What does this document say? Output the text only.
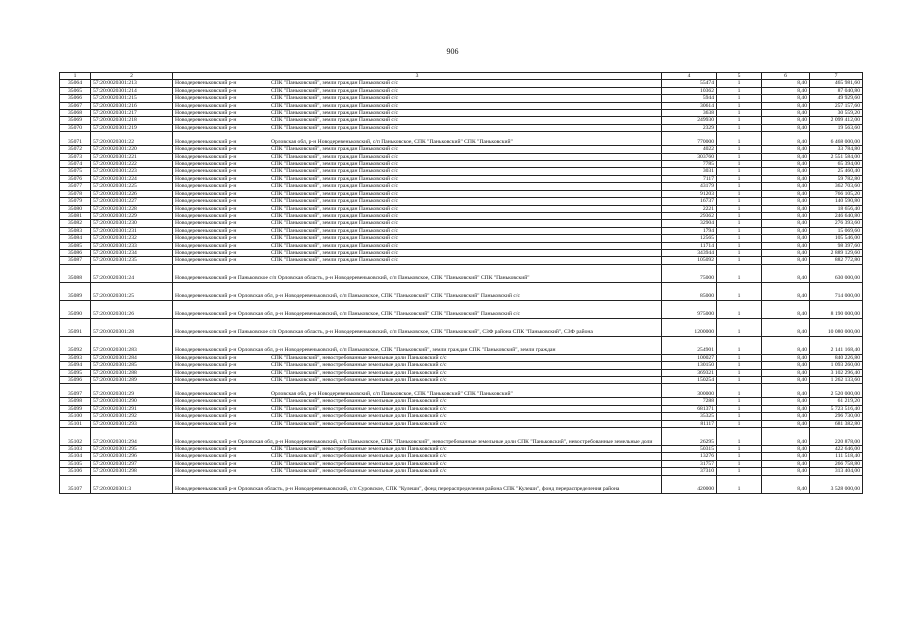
906
1	2	3	4	5	6	7
35064	57:20:0020301:213	Новодеревеньковский р-н СПК "Паньковский", земли граждан Паньковский с/с	55474	1	8,40	465 981,60
35065	57:20:0020301:214	Новодеревеньковский р-н СПК "Паньковский", земли граждан Паньковский с/с	10362	1	8,40	87 040,80
35066	57:20:0020301:215	Новодеревеньковский р-н СПК "Паньковский", земли граждан Паньковский с/с	5944	1	8,40	49 929,60
35067	57:20:0020301:216	Новодеревеньковский р-н СПК "Паньковский", земли граждан Паньковский с/с	30614	1	8,40	257 157,60
35068	57:20:0020301:217	Новодеревеньковский р-н СПК "Паньковский", земли граждан Паньковский с/с	3638	1	8,40	30 559,20
35069	57:20:0020301:218	Новодеревеньковский р-н СПК "Паньковский", земли граждан Паньковский с/с	249930	1	8,40	2 099 412,00
35070	57:20:0020301:219	Новодеревеньковский р-н СПК "Паньковский", земли граждан Паньковский с/с	2329	1	8,40	19 563,60
35071	57:20:0020301:22	Новодеревеньковский р-н Орловская обл, р-н Новодеревеньковский, с/п Паньковское, СПК "Паньковский" СПК "Паньковский"	770000	1	8,40	6 468 000,00
35072	57:20:0020301:220	Новодеревеньковский р-н СПК "Паньковский", земли граждан Паньковский с/с	4022	1	8,40	33 784,80
35073	57:20:0020301:221	Новодеревеньковский р-н СПК "Паньковский", земли граждан Паньковский с/с	303760	1	8,40	2 551 584,00
35074	57:20:0020301:222	Новодеревеньковский р-н СПК "Паньковский", земли граждан Паньковский с/с	7785	1	8,40	65 394,00
35075	57:20:0020301:223	Новодеревеньковский р-н СПК "Паньковский", земли граждан Паньковский с/с	3031	1	8,40	25 460,40
35076	57:20:0020301:224	Новодеревеньковский р-н СПК "Паньковский", земли граждан Паньковский с/с	7117	1	8,40	59 782,80
35077	57:20:0020301:225	Новодеревеньковский р-н СПК "Паньковский", земли граждан Паньковский с/с	43179	1	8,40	362 703,60
35078	57:20:0020301:226	Новодеревеньковский р-н СПК "Паньковский", земли граждан Паньковский с/с	91203	1	8,40	766 105,20
35079	57:20:0020301:227	Новодеревеньковский р-н СПК "Паньковский", земли граждан Паньковский с/с	16737	1	8,40	140 590,80
35080	57:20:0020301:228	Новодеревеньковский р-н СПК "Паньковский", земли граждан Паньковский с/с	2221	1	8,40	18 656,40
35081	57:20:0020301:229	Новодеревеньковский р-н СПК "Паньковский", земли граждан Паньковский с/с	29362	1	8,40	246 640,80
35082	57:20:0020301:230	Новодеревеньковский р-н СПК "Паньковский", земли граждан Паньковский с/с	32904	1	8,40	276 393,60
35083	57:20:0020301:231	Новодеревеньковский р-н СПК "Паньковский", земли граждан Паньковский с/с	1794	1	8,40	15 069,60
35084	57:20:0020301:232	Новодеревеньковский р-н СПК "Паньковский", земли граждан Паньковский с/с	12565	1	8,40	105 546,00
35085	57:20:0020301:233	Новодеревеньковский р-н СПК "Паньковский", земли граждан Паньковский с/с	11714	1	8,40	98 397,60
35086	57:20:0020301:234	Новодеревеньковский р-н СПК "Паньковский", земли граждан Паньковский с/с	343944	1	8,40	2 889 129,60
35087	57:20:0020301:235	Новодеревеньковский р-н СПК "Паньковский", земли граждан Паньковский с/с	105092	1	8,40	882 772,80
35088	57:20:0020301:24	Новодеревеньковский р-н Паньковское с/п Орловская область, р-н Новодеревеньковский, с/п Паньковское, СПК "Паньковский" СПК "Паньковский"	75000	1	8,40	630 000,00
35089	57:20:0020301:25	Новодеревеньковский р-н Орловская обл, р-н Новодеревеньковский, с/п Паньковское, СПК "Паньковский" СПК "Паньковский" Паньковский с/с	85000	1	8,40	714 000,00
35090	57:20:0020301:26	Новодеревеньковский р-н Орловская обл, р-н Новодеревеньковский, с/п Паньковское, СПК "Паньковский" СПК "Паньковский" Паньковский с/с	975000	1	8,40	8 190 000,00
35091	57:20:0020301:28	Новодеревеньковский р-н Паньковское с/п Орловская область, р-н Новодеревеньковский, с/п Паньковское, СПК "Паньковский", СЗФ района СПК "Паньковский", СЗФ района	1200000	1	8,40	10 080 000,00
35092	57:20:0020301:283	Новодеревеньковский р-н Орловская обл, р-н Новодеревеньковский, с/п Паньковское, СПК "Паньковский", земли граждан СПК "Паньковский", земли граждан	254901	1	8,40	2 141 168,40
35093	57:20:0020301:284	Новодеревеньковский р-н СПК "Паньковский", невостребованные земельные доли Паньковский с/с	100027	1	8,40	840 226,80
35094	57:20:0020301:285	Новодеревеньковский р-н СПК "Паньковский", невостребованные земельные доли Паньковский с/с	130150	1	8,40	1 093 260,00
35095	57:20:0020301:288	Новодеревеньковский р-н СПК "Паньковский", невостребованные земельные доли Паньковский с/с	369321	1	8,40	3 102 296,40
35096	57:20:0020301:289	Новодеревеньковский р-н СПК "Паньковский", невостребованные земельные доли Паньковский с/с	150254	1	8,40	1 262 133,60
35097	57:20:0020301:29	Новодеревеньковский р-н Орловская обл, р-н Новодеревеньковский, с/п Паньковское, СПК "Паньковский" СПК "Паньковский"	300000	1	8,40	2 520 000,00
35098	57:20:0020301:290	Новодеревеньковский р-н СПК "Паньковский", невостребованные земельные доли Паньковский с/с	7288	1	8,40	61 219,20
35099	57:20:0020301:291	Новодеревеньковский р-н СПК "Паньковский", невостребованные земельные доли Паньковский с/с	681371	1	8,40	5 723 516,40
35100	57:20:0020301:292	Новодеревеньковский р-н СПК "Паньковский", невостребованные земельные доли Паньковский с/с	35325	1	8,40	296 730,00
35101	57:20:0020301:293	Новодеревеньковский р-н СПК "Паньковский", невостребованные земельные доли Паньковский с/с	81117	1	8,40	681 382,80
35102	57:20:0020301:294	Новодеревеньковский р-н Орловская обл, р-н Новодеревеньковский, с/п Паньковское, СПК "Паньковский", невостребованные земельные доли СПК "Паньковский", невостребованные земельные доли	26295	1	8,40	220 878,00
35103	57:20:0020301:295	Новодеревеньковский р-н СПК "Паньковский", невостребованные земельные доли Паньковский с/с	50315	1	8,40	422 646,00
35104	57:20:0020301:296	Новодеревеньковский р-н СПК "Паньковский", невостребованные земельные доли Паньковский с/с	13276	1	8,40	111 518,40
35105	57:20:0020301:297	Новодеревеньковский р-н СПК "Паньковский", невостребованные земельные доли Паньковский с/с	31757	1	8,40	266 758,80
35106	57:20:0020301:298	Новодеревеньковский р-н СПК "Паньковский", невостребованные земельные доли Паньковский с/с	37310	1	8,40	313 404,00
35107	57:20:0020301:3	Новодеревеньковский р-н Орловская область, р-н Новодеревеньковский, с/п Суровское, СПК "Кулеши", фонд перераспределения района СПК "Кулеши", фонд перераспределения района	420000	1	8,40	3 528 000,00
